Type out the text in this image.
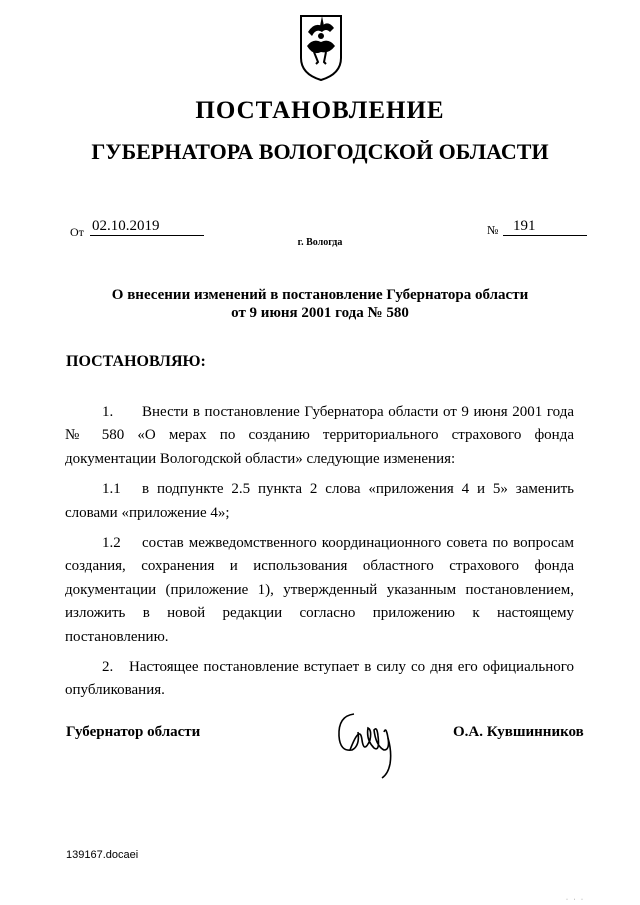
ПОСТАНОВЛЕНИЕ
ГУБЕРНАТОРА ВОЛОГОДСКОЙ ОБЛАСТИ
От 02.10.2019	№ 191
г. Вологда
О внесении изменений в постановление Губернатора области
от 9 июня 2001 года № 580
ПОСТАНОВЛЯЮ:

1. Внести в постановление Губернатора области от 9 июня 2001 года № 580 «О мерах по созданию территориального страхового фонда документации Вологодской области» следующие изменения:

1.1 в подпункте 2.5 пункта 2 слова «приложения 4 и 5» заменить словами «приложение 4»;

1.2 состав межведомственного координационного совета по вопросам создания, сохранения и использования областного страхового фонда документации (приложение 1), утвержденный указанным постановлением, изложить в новой редакции согласно приложению к настоящему постановлению.

2. Настоящее постановление вступает в силу со дня его официального опубликования.

Губернатор области	О.А. Кувшинников
139167.docaei
· · ·
